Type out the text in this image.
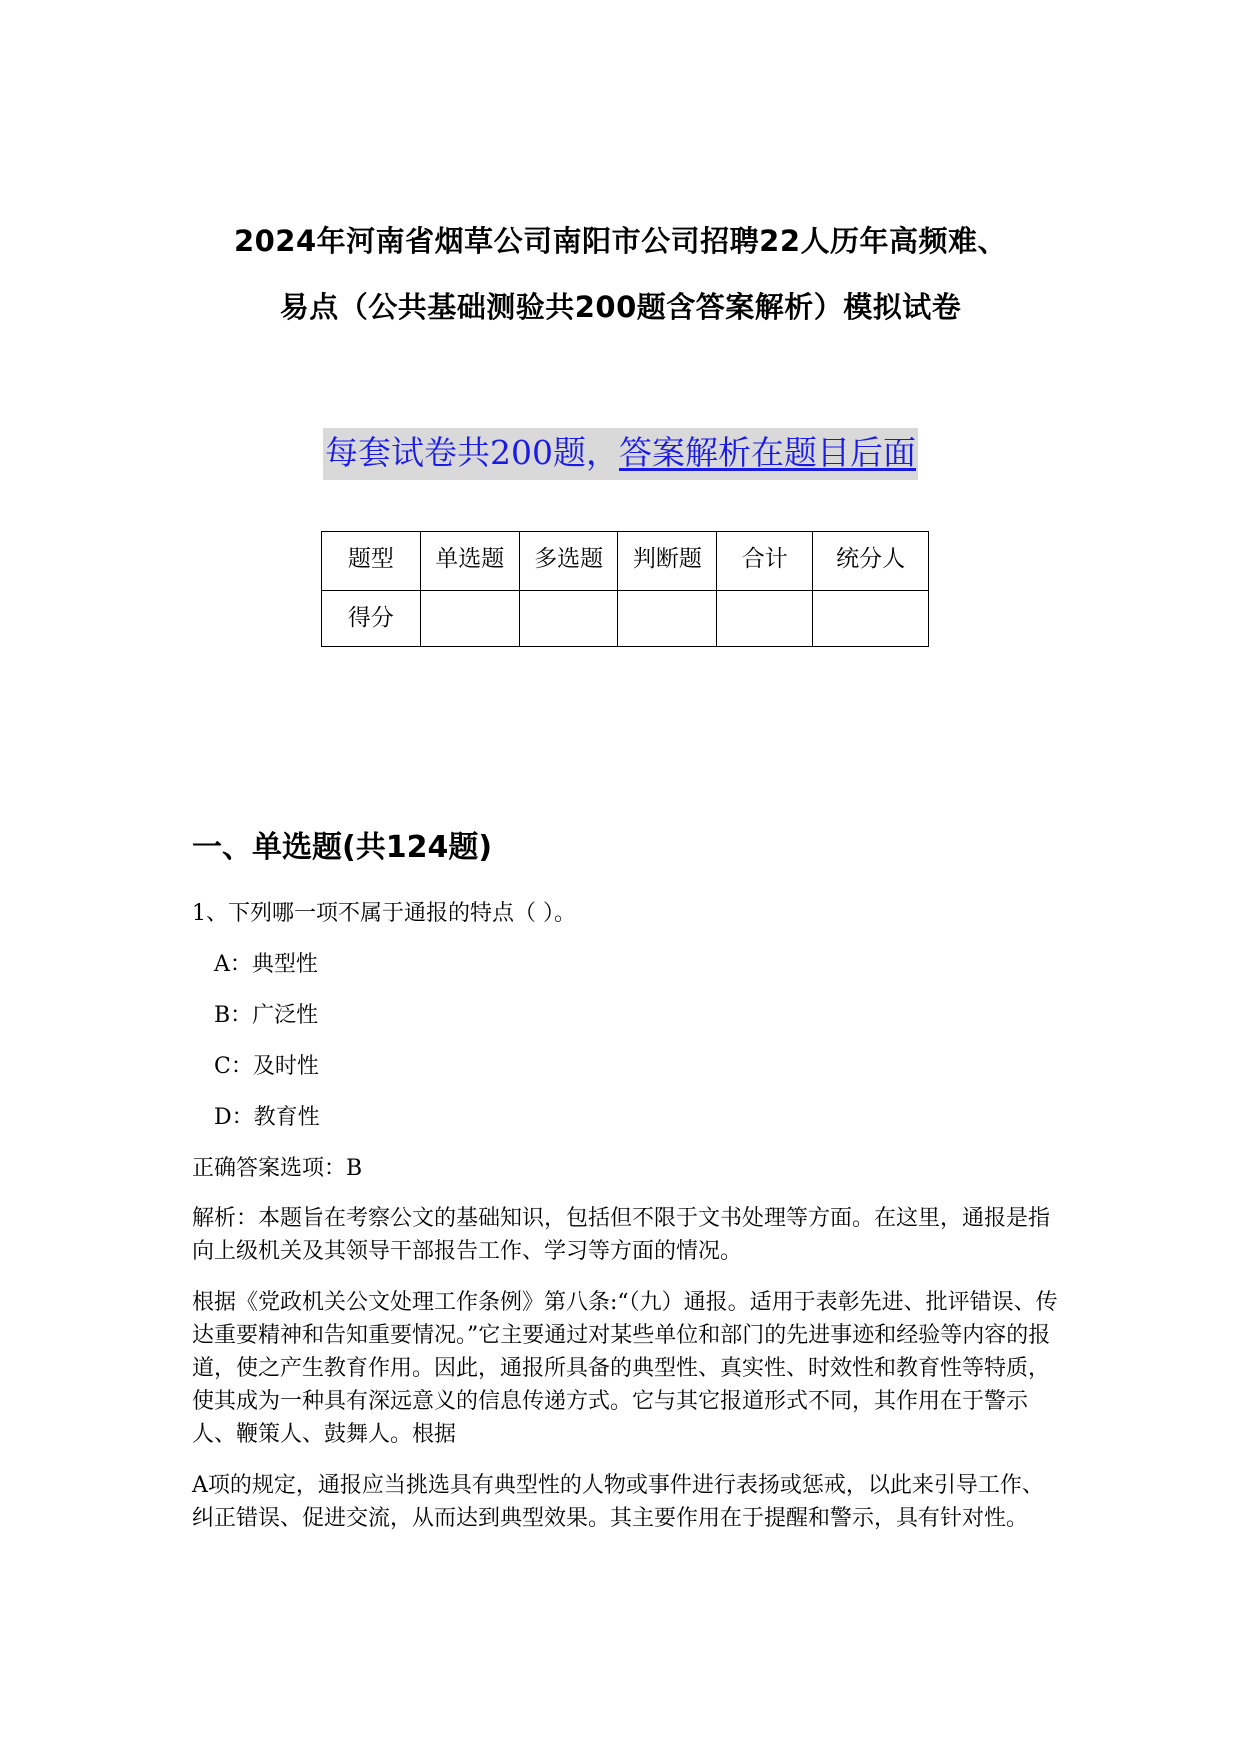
2024年河南省烟草公司南阳市公司招聘22人历年高频难、
易点（公共基础测验共200题含答案解析）模拟试卷
每套试卷共200题，答案解析在题目后面
题型	单选题	多选题	判断题	合计	统分人
得分					
一、单选题(共124题)

1、下列哪一项不属于通报的特点（ ）。

A：典型性

B：广泛性

C：及时性

D：教育性

正确答案选项：B

解析：本题旨在考察公文的基础知识，包括但不限于文书处理等方面。在这里，通报是指向上级机关及其领导干部报告工作、学习等方面的情况。

根据《党政机关公文处理工作条例》第八条:“（九）通报。适用于表彰先进、批评错误、传达重要精神和告知重要情况。”它主要通过对某些单位和部门的先进事迹和经验等内容的报道，使之产生教育作用。因此，通报所具备的典型性、真实性、时效性和教育性等特质，使其成为一种具有深远意义的信息传递方式。它与其它报道形式不同，其作用在于警示人、鞭策人、鼓舞人。根据

A项的规定，通报应当挑选具有典型性的人物或事件进行表扬或惩戒，以此来引导工作、纠正错误、促进交流，从而达到典型效果。其主要作用在于提醒和警示，具有针对性。
